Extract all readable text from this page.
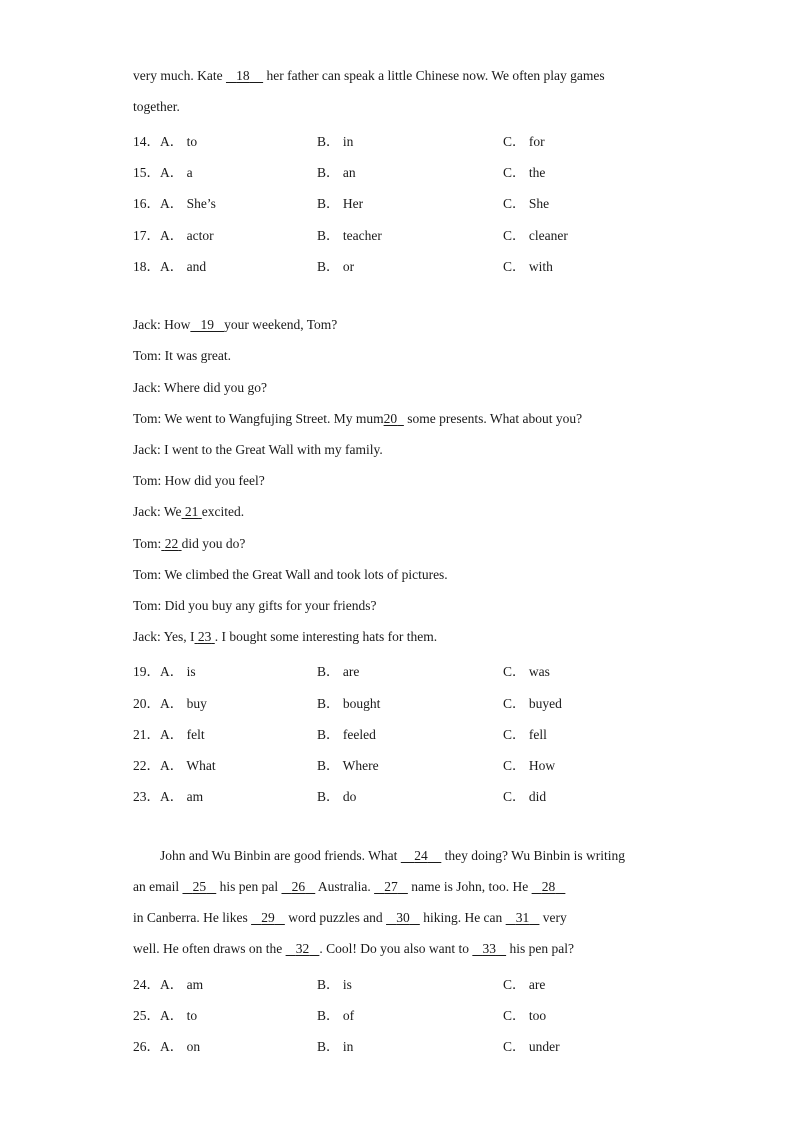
very much. Kate    18 her father can speak a little Chinese now. We often play games
together.
14． A． to	B． in	C． for
15． A． a	B． an	C． the
16． A． She’s	B． Her	C． She
17． A． actor	B． teacher	C． cleaner
18． A． and	B． or	C． with
Jack: How 19 your weekend, Tom?
Tom: It was great.
Jack: Where did you go?
Tom: We went to Wangfujing Street. My mum20 some presents. What about you?
Jack: I went to the Great Wall with my family.
Tom: How did you feel?
Jack: We 21 excited.
Tom: 22 did you do?
Tom: We climbed the Great Wall and took lots of pictures.
Tom: Did you buy any gifts for your friends?
Jack: Yes, I 23 . I bought some interesting hats for them.
19． A． is	B． are	C． was
20． A． buy	B． bought	C． buyed
21． A． felt	B． feeled	C． fell
22． A． What	B． Where	C． How
23． A． am	B． do	C． did
John and Wu Binbin are good friends. What     24     they doing? Wu Binbin is writing
an email    25    his pen pal    26    Australia.    27    name is John, too. He    28
in Canberra. He likes    29    word puzzles and    30    hiking. He can    31    very
well. He often draws on the    32 . Cool! Do you also want to    33    his pen pal?
24． A． am	B． is	C． are
25． A． to	B． of	C． too
26． A． on	B． in	C． under
